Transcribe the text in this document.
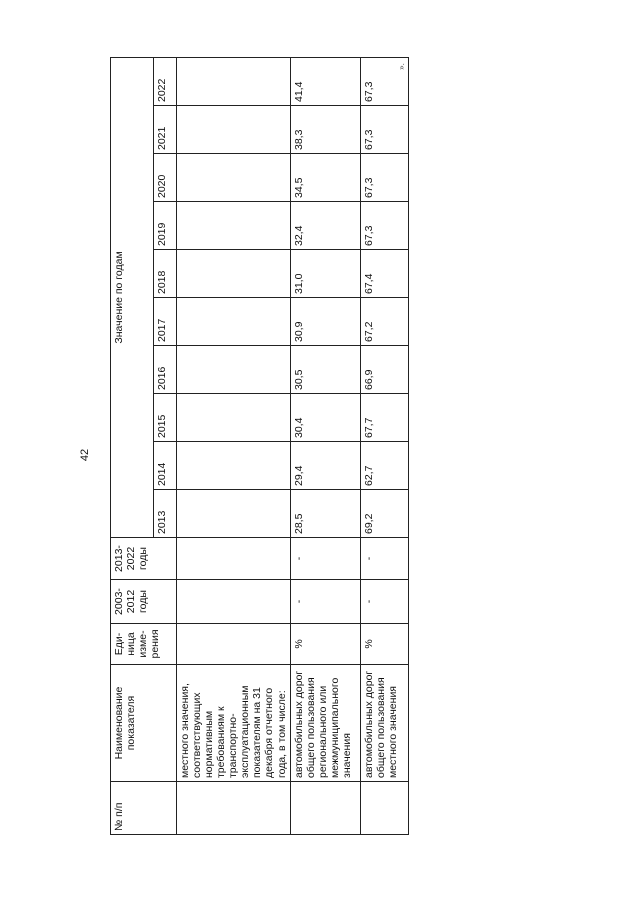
42
».
№ п/п	Наименование показателя	Еди-ница изме-рения	2003-2012 годы	2013-2022 годы	Значение по годам									
					2013	2014	2015	2016	2017	2018	2019	2020	2021	2022
	местного значения, соответствующих нормативным требованиям к транспортно-эксплуатационным показателям на 31 декабря отчетного года, в том числе:													
	автомобильных дорог общего пользования регионального или межмуниципального значения	%	-	-	28,5	29,4	30,4	30,5	30,9	31,0	32,4	34,5	38,3	41,4
	автомобильных дорог общего пользования местного значения	%	-	-	69,2	62,7	67,7	66,9	67,2	67,4	67,3	67,3	67,3	67,3
